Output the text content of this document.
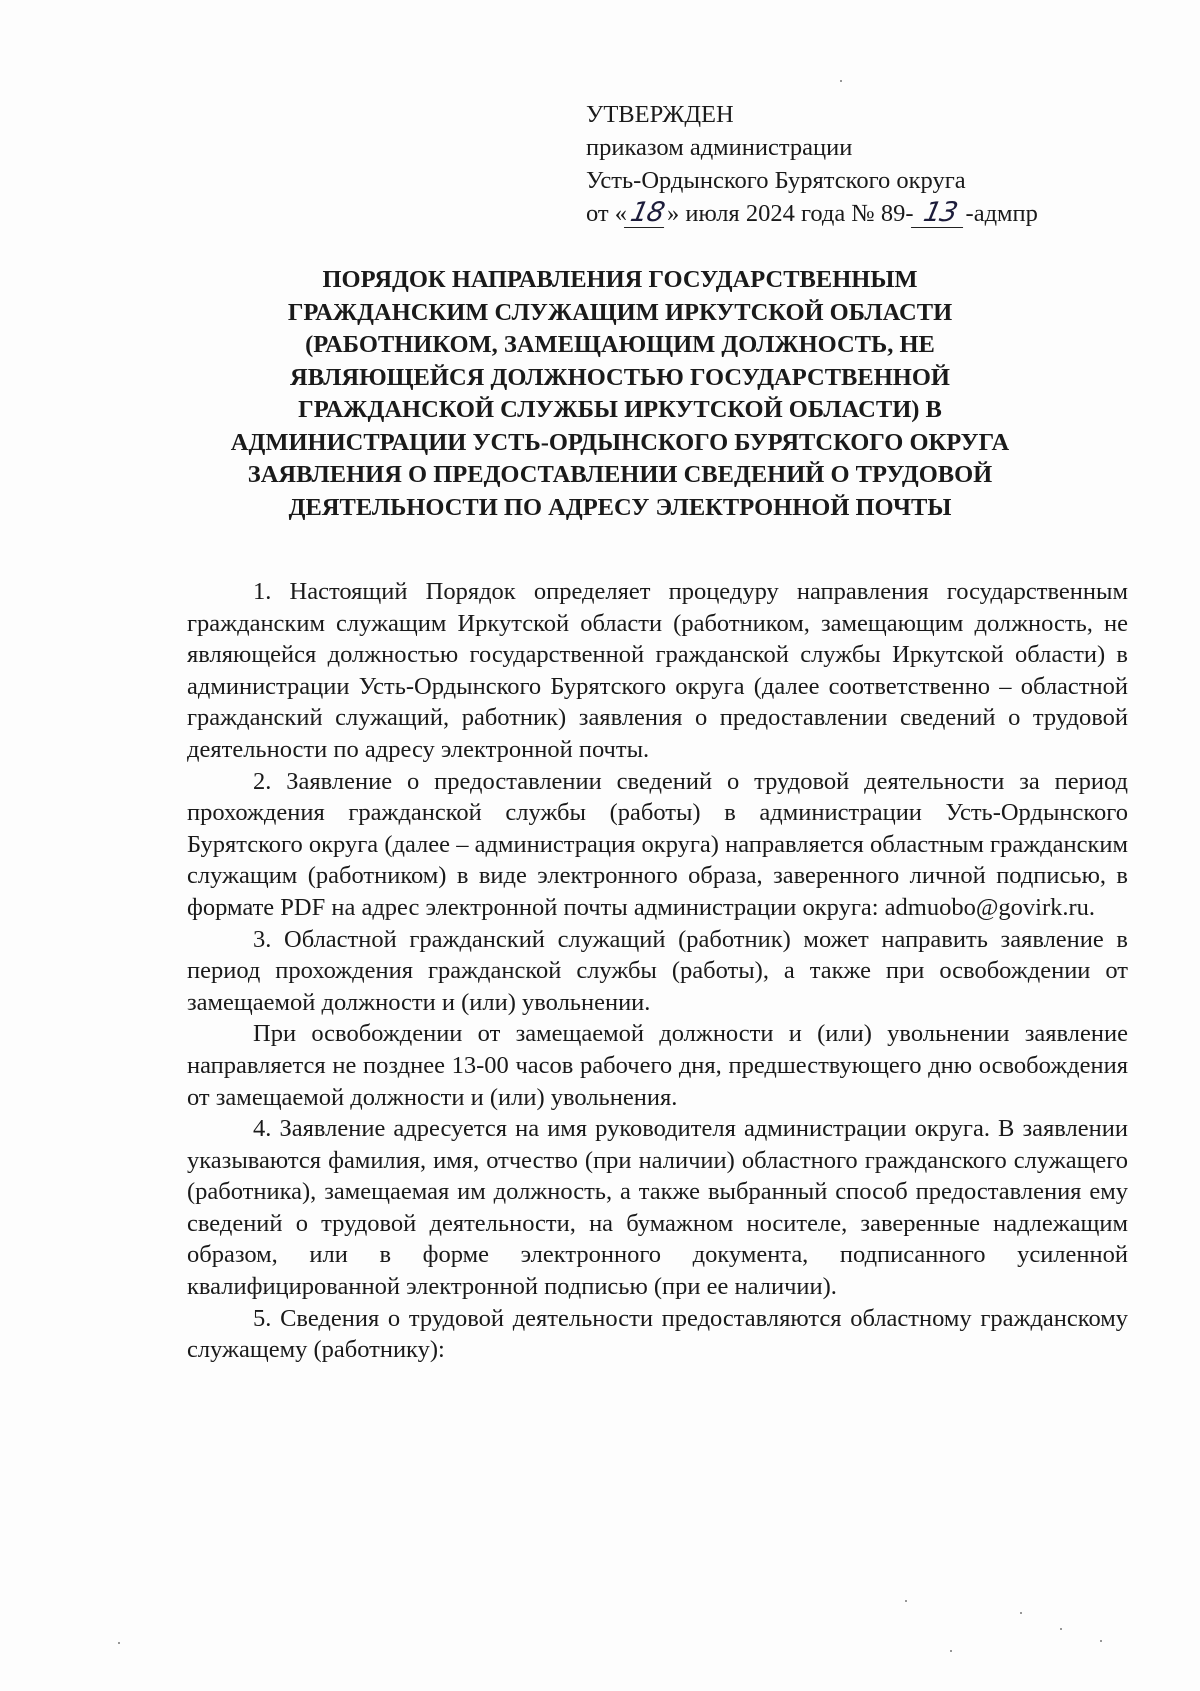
УТВЕРЖДЕН
приказом администрации
Усть-Ордынского Бурятского округа
от «18» июля 2024 года № 89- 13 -адмпр
ПОРЯДОК НАПРАВЛЕНИЯ ГОСУДАРСТВЕННЫМ
ГРАЖДАНСКИМ СЛУЖАЩИМ ИРКУТСКОЙ ОБЛАСТИ
(РАБОТНИКОМ, ЗАМЕЩАЮЩИМ ДОЛЖНОСТЬ, НЕ
ЯВЛЯЮЩЕЙСЯ ДОЛЖНОСТЬЮ ГОСУДАРСТВЕННОЙ
ГРАЖДАНСКОЙ СЛУЖБЫ ИРКУТСКОЙ ОБЛАСТИ) В
АДМИНИСТРАЦИИ УСТЬ-ОРДЫНСКОГО БУРЯТСКОГО ОКРУГА
ЗАЯВЛЕНИЯ О ПРЕДОСТАВЛЕНИИ СВЕДЕНИЙ О ТРУДОВОЙ
ДЕЯТЕЛЬНОСТИ ПО АДРЕСУ ЭЛЕКТРОННОЙ ПОЧТЫ

1. Настоящий Порядок определяет процедуру направления государственным гражданским служащим Иркутской области (работником, замещающим должность, не являющейся должностью государственной гражданской службы Иркутской области) в администрации Усть-Ордынского Бурятского округа (далее соответственно – областной гражданский служащий, работник) заявления о предоставлении сведений о трудовой деятельности по адресу электронной почты.

2. Заявление о предоставлении сведений о трудовой деятельности за период прохождения гражданской службы (работы) в администрации Усть-Ордынского Бурятского округа (далее – администрация округа) направляется областным гражданским служащим (работником) в виде электронного образа, заверенного личной подписью, в формате PDF на адрес электронной почты администрации округа: admuobo@govirk.ru.

3. Областной гражданский служащий (работник) может направить заявление в период прохождения гражданской службы (работы), а также при освобождении от замещаемой должности и (или) увольнении.

При освобождении от замещаемой должности и (или) увольнении заявление направляется не позднее 13-00 часов рабочего дня, предшествующего дню освобождения от замещаемой должности и (или) увольнения.

4. Заявление адресуется на имя руководителя администрации округа. В заявлении указываются фамилия, имя, отчество (при наличии) областного гражданского служащего (работника), замещаемая им должность, а также выбранный способ предоставления ему сведений о трудовой деятельности, на бумажном носителе, заверенные надлежащим образом, или в форме электронного документа, подписанного усиленной квалифицированной электронной подписью (при ее наличии).

5. Сведения о трудовой деятельности предоставляются областному гражданскому служащему (работнику):
